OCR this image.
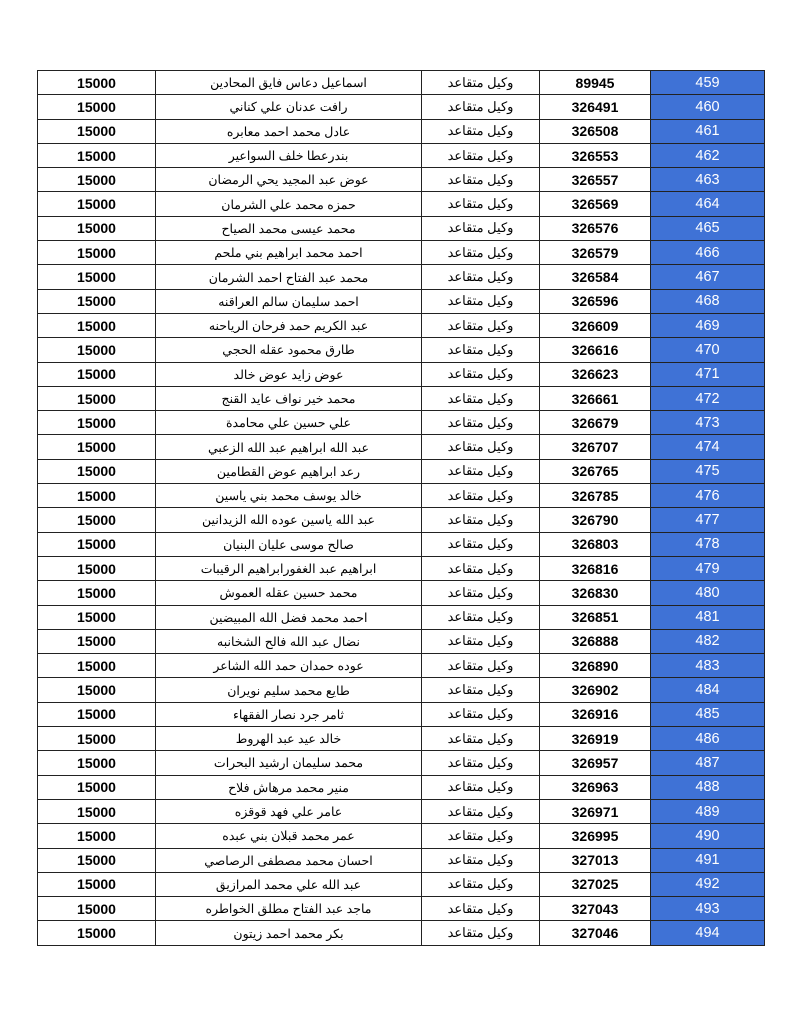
15000	اسماعيل دعاس فايق المحادين	وكيل متقاعد	89945	459
15000	رافت عدنان علي كناني	وكيل متقاعد	326491	460
15000	عادل محمد احمد معابره	وكيل متقاعد	326508	461
15000	بندرعطا خلف السواعير	وكيل متقاعد	326553	462
15000	عوض عبد المجيد يحي الرمضان	وكيل متقاعد	326557	463
15000	حمزه محمد علي الشرمان	وكيل متقاعد	326569	464
15000	محمد عيسى محمد الصياح	وكيل متقاعد	326576	465
15000	احمد محمد ابراهيم بني ملحم	وكيل متقاعد	326579	466
15000	محمد عبد الفتاح احمد الشرمان	وكيل متقاعد	326584	467
15000	احمد سليمان سالم العراقنه	وكيل متقاعد	326596	468
15000	عبد الكريم حمد فرحان الرياحنه	وكيل متقاعد	326609	469
15000	طارق محمود عقله الحجي	وكيل متقاعد	326616	470
15000	عوض زايد عوض خالد	وكيل متقاعد	326623	471
15000	محمد خير نواف عايد القنج	وكيل متقاعد	326661	472
15000	علي حسين علي محامدة	وكيل متقاعد	326679	473
15000	عبد الله ابراهيم عبد الله الزعبي	وكيل متقاعد	326707	474
15000	رعد ابراهيم عوض القطامين	وكيل متقاعد	326765	475
15000	خالد يوسف محمد بني ياسين	وكيل متقاعد	326785	476
15000	عبد الله ياسين عوده الله الزيدانين	وكيل متقاعد	326790	477
15000	صالح موسى عليان البنيان	وكيل متقاعد	326803	478
15000	ابراهيم عبد الغفورابراهيم الرقيبات	وكيل متقاعد	326816	479
15000	محمد حسين عقله العموش	وكيل متقاعد	326830	480
15000	احمد محمد فضل الله المبيضين	وكيل متقاعد	326851	481
15000	نضال عبد الله فالح الشخانبه	وكيل متقاعد	326888	482
15000	عوده حمدان حمد الله الشاعر	وكيل متقاعد	326890	483
15000	طايع محمد سليم نويران	وكيل متقاعد	326902	484
15000	ثامر جرد نصار الفقهاء	وكيل متقاعد	326916	485
15000	خالد عيد عبد الهروط	وكيل متقاعد	326919	486
15000	محمد سليمان ارشيد البحرات	وكيل متقاعد	326957	487
15000	منير محمد مرهاش فلاح	وكيل متقاعد	326963	488
15000	عامر علي فهد قوقزه	وكيل متقاعد	326971	489
15000	عمر محمد قبلان بني عبده	وكيل متقاعد	326995	490
15000	احسان محمد مصطفى الرصاصي	وكيل متقاعد	327013	491
15000	عبد الله علي محمد المرازيق	وكيل متقاعد	327025	492
15000	ماجد عبد الفتاح مطلق الخواطره	وكيل متقاعد	327043	493
15000	بكر محمد احمد زيتون	وكيل متقاعد	327046	494
